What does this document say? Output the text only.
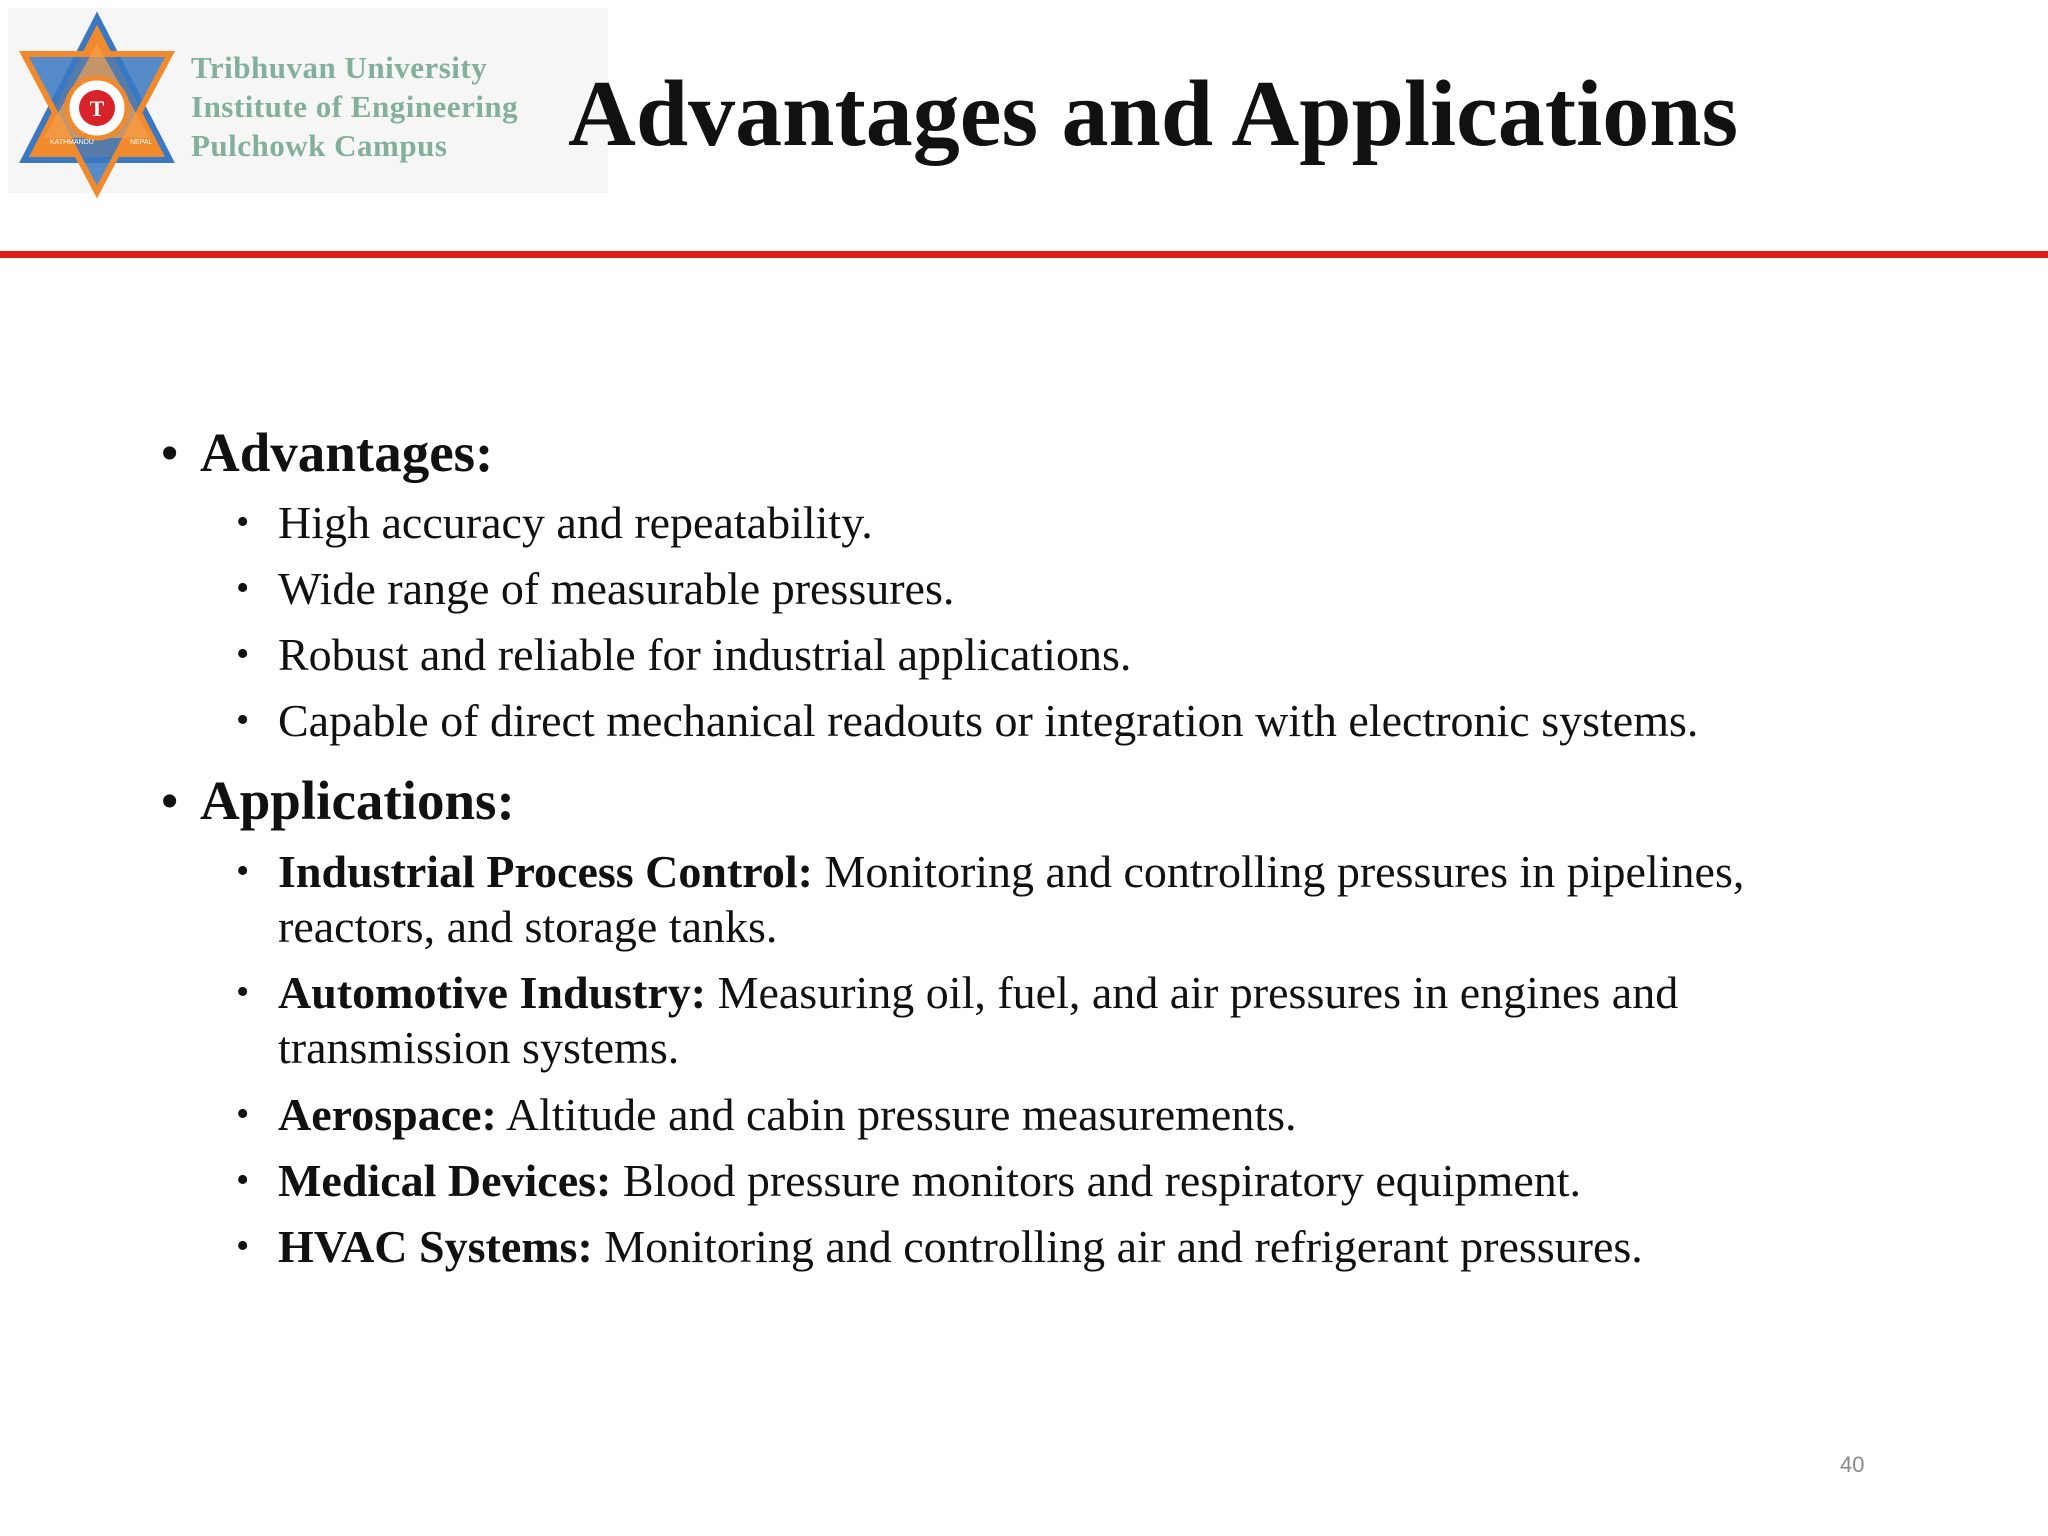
T
KATHMANDU	NEPAL
Tribhuvan University
Institute of Engineering
Pulchowk Campus	Advantages and Applications
• Advantages:
• High accuracy and repeatability.
• Wide range of measurable pressures.
• Robust and reliable for industrial applications.
• Capable of direct mechanical readouts or integration with electronic systems.
• Applications:
• Industrial Process Control: Monitoring and controlling pressures in pipelines, reactors, and storage tanks.
• Automotive Industry: Measuring oil, fuel, and air pressures in engines and transmission systems.
• Aerospace: Altitude and cabin pressure measurements.
• Medical Devices: Blood pressure monitors and respiratory equipment.
• HVAC Systems: Monitoring and controlling air and refrigerant pressures.
40
